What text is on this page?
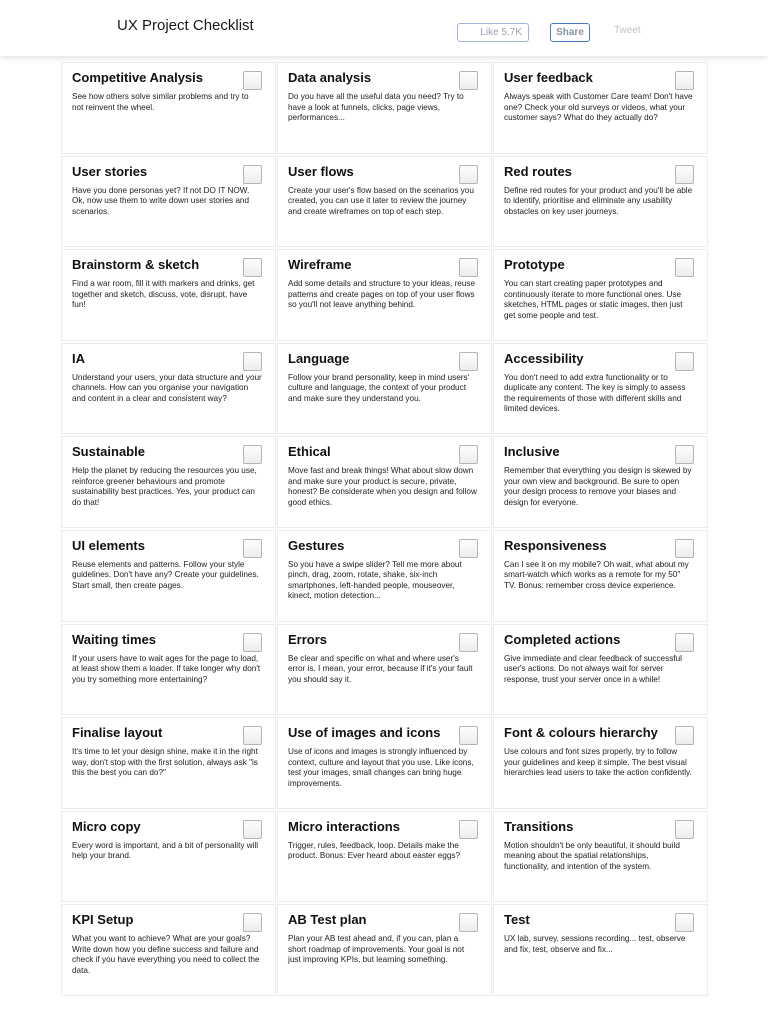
UX Project Checklist	Like 5.7K	Share	Tweet
Competitive Analysis
See how others solve similar problems and try to not reinvent the wheel.
Data analysis
Do you have all the useful data you need? Try to have a look at funnels, clicks, page views, performances...
User feedback
Always speak with Customer Care team! Don't have one? Check your old surveys or videos, what your customer says? What do they actually do?
User stories
Have you done personas yet? If not DO IT NOW. Ok, now use them to write down user stories and scenarios.
User flows
Create your user's flow based on the scenarios you created, you can use it later to review the journey and create wireframes on top of each step.
Red routes
Define red routes for your product and you'll be able to identify, prioritise and eliminate any usability obstacles on key user journeys.
Brainstorm & sketch
Find a war room, fill it with markers and drinks, get together and sketch, discuss, vote, disrupt, have fun!
Wireframe
Add some details and structure to your ideas, reuse patterns and create pages on top of your user flows so you'll not leave anything behind.
Prototype
You can start creating paper prototypes and continuously iterate to more functional ones. Use sketches, HTML pages or static images, then just get some people and test.
IA
Understand your users, your data structure and your channels. How can you organise your navigation and content in a clear and consistent way?
Language
Follow your brand personality, keep in mind users' culture and language, the context of your product and make sure they understand you.
Accessibility
You don't need to add extra functionality or to duplicate any content. The key is simply to assess the requirements of those with different skills and limited devices.
Sustainable
Help the planet by reducing the resources you use, reinforce greener behaviours and promote sustainability best practices. Yes, your product can do that!
Ethical
Move fast and break things! What about slow down and make sure your product is secure, private, honest? Be considerate when you design and follow good ethics.
Inclusive
Remember that everything you design is skewed by your own view and background. Be sure to open your design process to remove your biases and design for everyone.
UI elements
Reuse elements and patterns. Follow your style guidelines. Don't have any? Create your guidelines. Start small, then create pages.
Gestures
So you have a swipe slider? Tell me more about pinch, drag, zoom, rotate, shake, six-inch smartphones, left-handed people, mouseover, kinect, motion detection...
Responsiveness
Can I see it on my mobile? Oh wait, what about my smart-watch which works as a remote for my 50" TV. Bonus: remember cross device experience.
Waiting times
If your users have to wait ages for the page to load, at least show them a loader. If take longer why don't you try something more entertaining?
Errors
Be clear and specific on what and where user's error is. I mean, your error, because if it's your fault you should say it.
Completed actions
Give immediate and clear feedback of successful user's actions. Do not always wait for server response, trust your server once in a while!
Finalise layout
It's time to let your design shine, make it in the right way, don't stop with the first solution, always ask "is this the best you can do?"
Use of images and icons
Use of icons and images is strongly influenced by context, culture and layout that you use. Like icons, test your images, small changes can bring huge improvements.
Font & colours hierarchy
Use colours and font sizes properly, try to follow your guidelines and keep it simple. The best visual hierarchies lead users to take the action confidently.
Micro copy
Every word is important, and a bit of personality will help your brand.
Micro interactions
Trigger, rules, feedback, loop. Details make the product. Bonus: Ever heard about easter eggs?
Transitions
Motion shouldn't be only beautiful, it should build meaning about the spatial relationships, functionality, and intention of the system.
KPI Setup
What you want to achieve? What are your goals? Write down how you define success and failure and check if you have everything you need to collect the data.
AB Test plan
Plan your AB test ahead and, if you can, plan a short roadmap of improvements. Your goal is not just improving KPIs, but learning something.
Test
UX lab, survey, sessions recording... test, observe and fix, test, observe and fix...
